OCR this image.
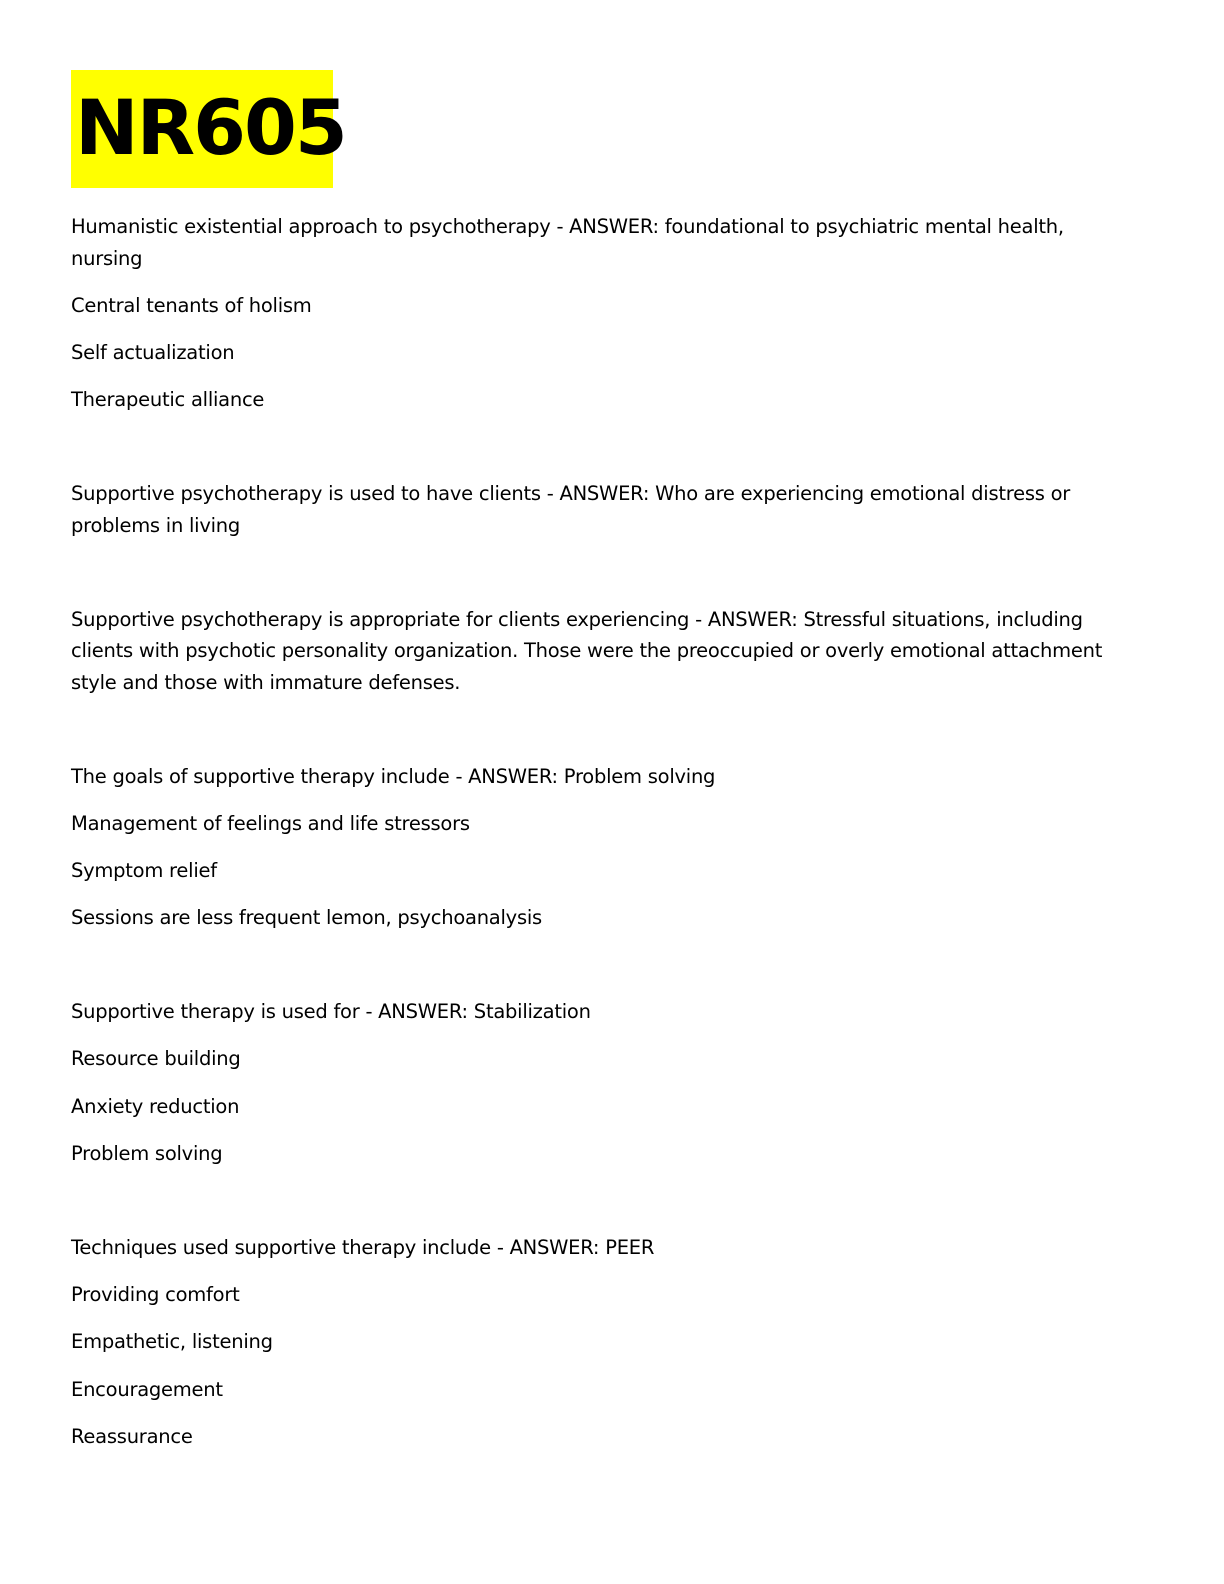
NR605
Humanistic existential approach to psychotherapy - ANSWER: foundational to psychiatric mental health,
nursing
Central tenants of holism
Self actualization
Therapeutic alliance
Supportive psychotherapy is used to have clients - ANSWER: Who are experiencing emotional distress or
problems in living
Supportive psychotherapy is appropriate for clients experiencing - ANSWER: Stressful situations, including
clients with psychotic personality organization. Those were the preoccupied or overly emotional attachment
style and those with immature defenses.
The goals of supportive therapy include - ANSWER: Problem solving
Management of feelings and life stressors
Symptom relief
Sessions are less frequent lemon, psychoanalysis
Supportive therapy is used for - ANSWER: Stabilization
Resource building
Anxiety reduction
Problem solving
Techniques used supportive therapy include - ANSWER: PEER
Providing comfort
Empathetic, listening
Encouragement
Reassurance
